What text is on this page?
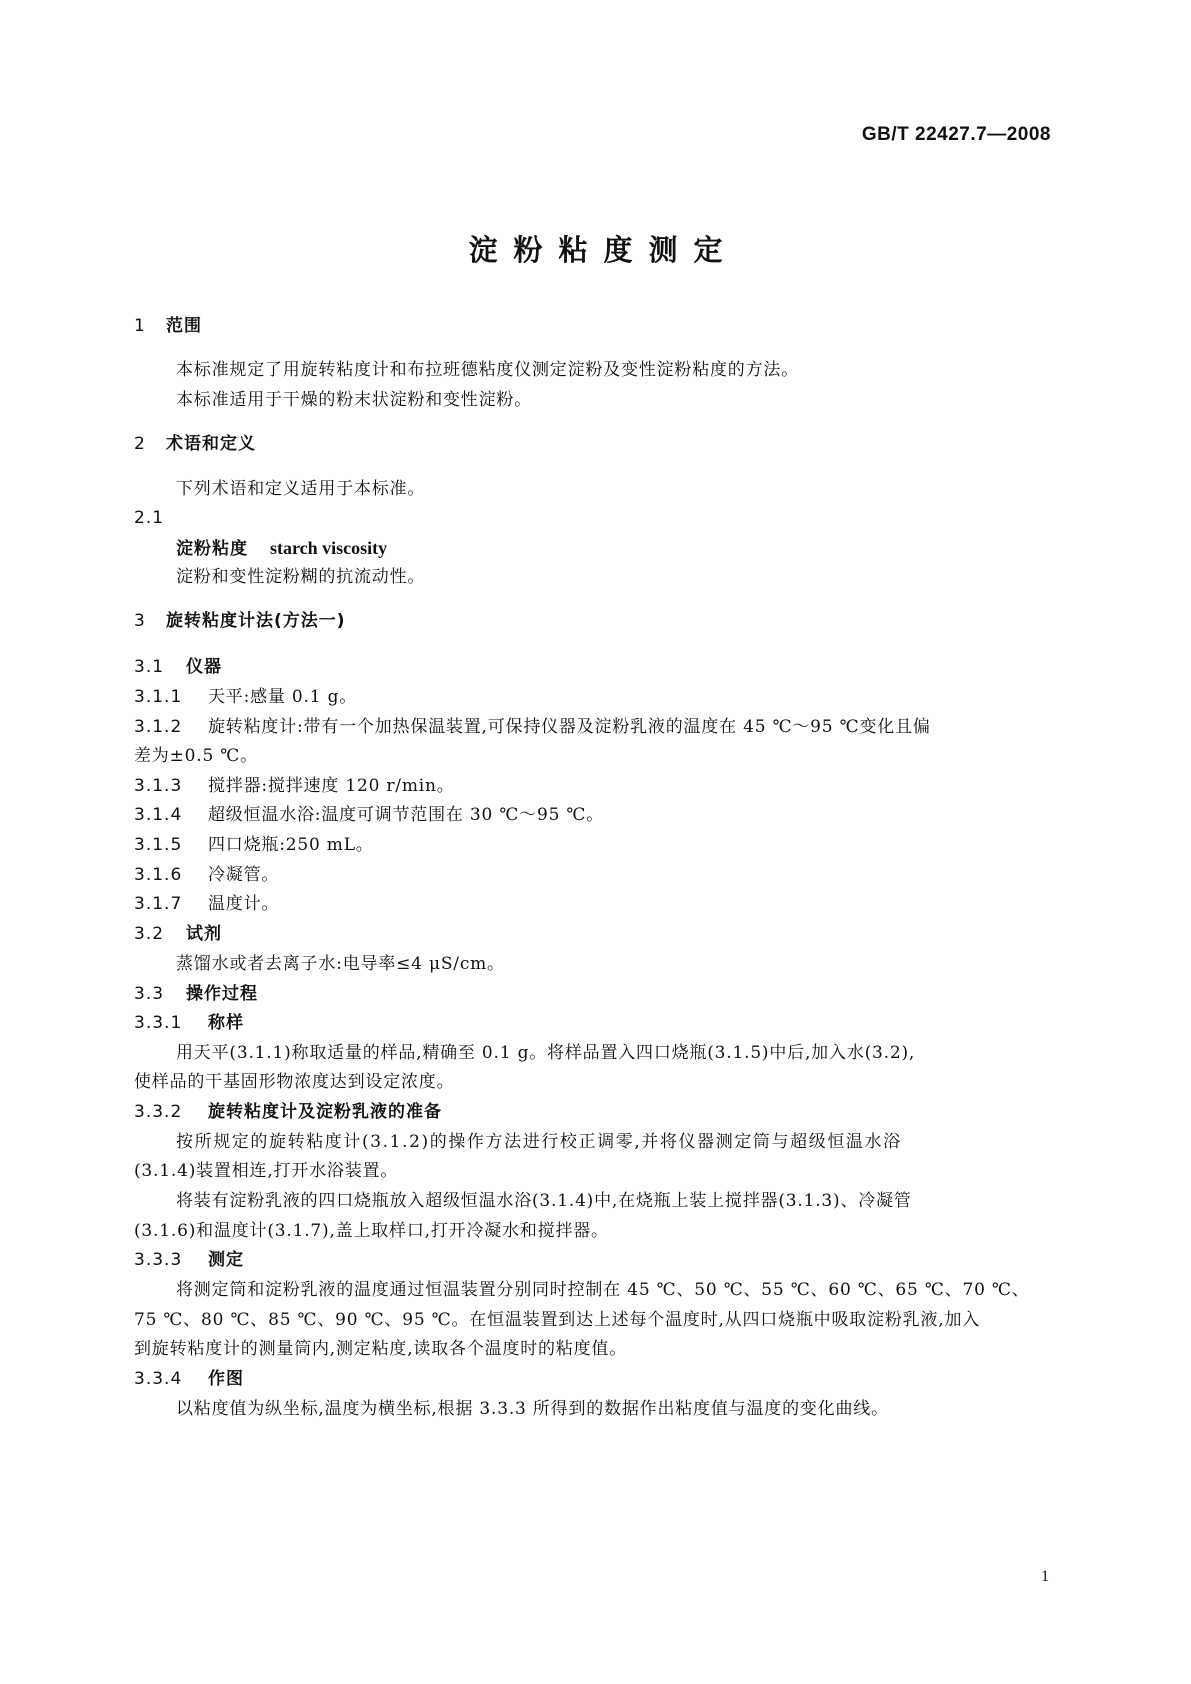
GB/T 22427.7—2008
淀粉粘度测定
1 范围
本标准规定了用旋转粘度计和布拉班德粘度仪测定淀粉及变性淀粉粘度的方法。
本标准适用于干燥的粉末状淀粉和变性淀粉。
2 术语和定义
下列术语和定义适用于本标准。
2.1
淀粉粘度 starch viscosity
淀粉和变性淀粉糊的抗流动性。
3 旋转粘度计法(方法一)
3.1 仪器
3.1.1 天平:感量 0.1 g。
3.1.2 旋转粘度计:带有一个加热保温装置,可保持仪器及淀粉乳液的温度在 45 ℃～95 ℃变化且偏
差为±0.5 ℃。
3.1.3 搅拌器:搅拌速度 120 r/min。
3.1.4 超级恒温水浴:温度可调节范围在 30 ℃～95 ℃。
3.1.5 四口烧瓶:250 mL。
3.1.6 冷凝管。
3.1.7 温度计。
3.2 试剂
蒸馏水或者去离子水:电导率≤4 μS/cm。
3.3 操作过程
3.3.1 称样
用天平(3.1.1)称取适量的样品,精确至 0.1 g。将样品置入四口烧瓶(3.1.5)中后,加入水(3.2),
使样品的干基固形物浓度达到设定浓度。
3.3.2 旋转粘度计及淀粉乳液的准备
按所规定的旋转粘度计(3.1.2)的操作方法进行校正调零,并将仪器测定筒与超级恒温水浴
(3.1.4)装置相连,打开水浴装置。
将装有淀粉乳液的四口烧瓶放入超级恒温水浴(3.1.4)中,在烧瓶上装上搅拌器(3.1.3)、冷凝管
(3.1.6)和温度计(3.1.7),盖上取样口,打开冷凝水和搅拌器。
3.3.3 测定
将测定筒和淀粉乳液的温度通过恒温装置分别同时控制在 45 ℃、50 ℃、55 ℃、60 ℃、65 ℃、70 ℃、
75 ℃、80 ℃、85 ℃、90 ℃、95 ℃。在恒温装置到达上述每个温度时,从四口烧瓶中吸取淀粉乳液,加入
到旋转粘度计的测量筒内,测定粘度,读取各个温度时的粘度值。
3.3.4 作图
以粘度值为纵坐标,温度为横坐标,根据 3.3.3 所得到的数据作出粘度值与温度的变化曲线。
1
